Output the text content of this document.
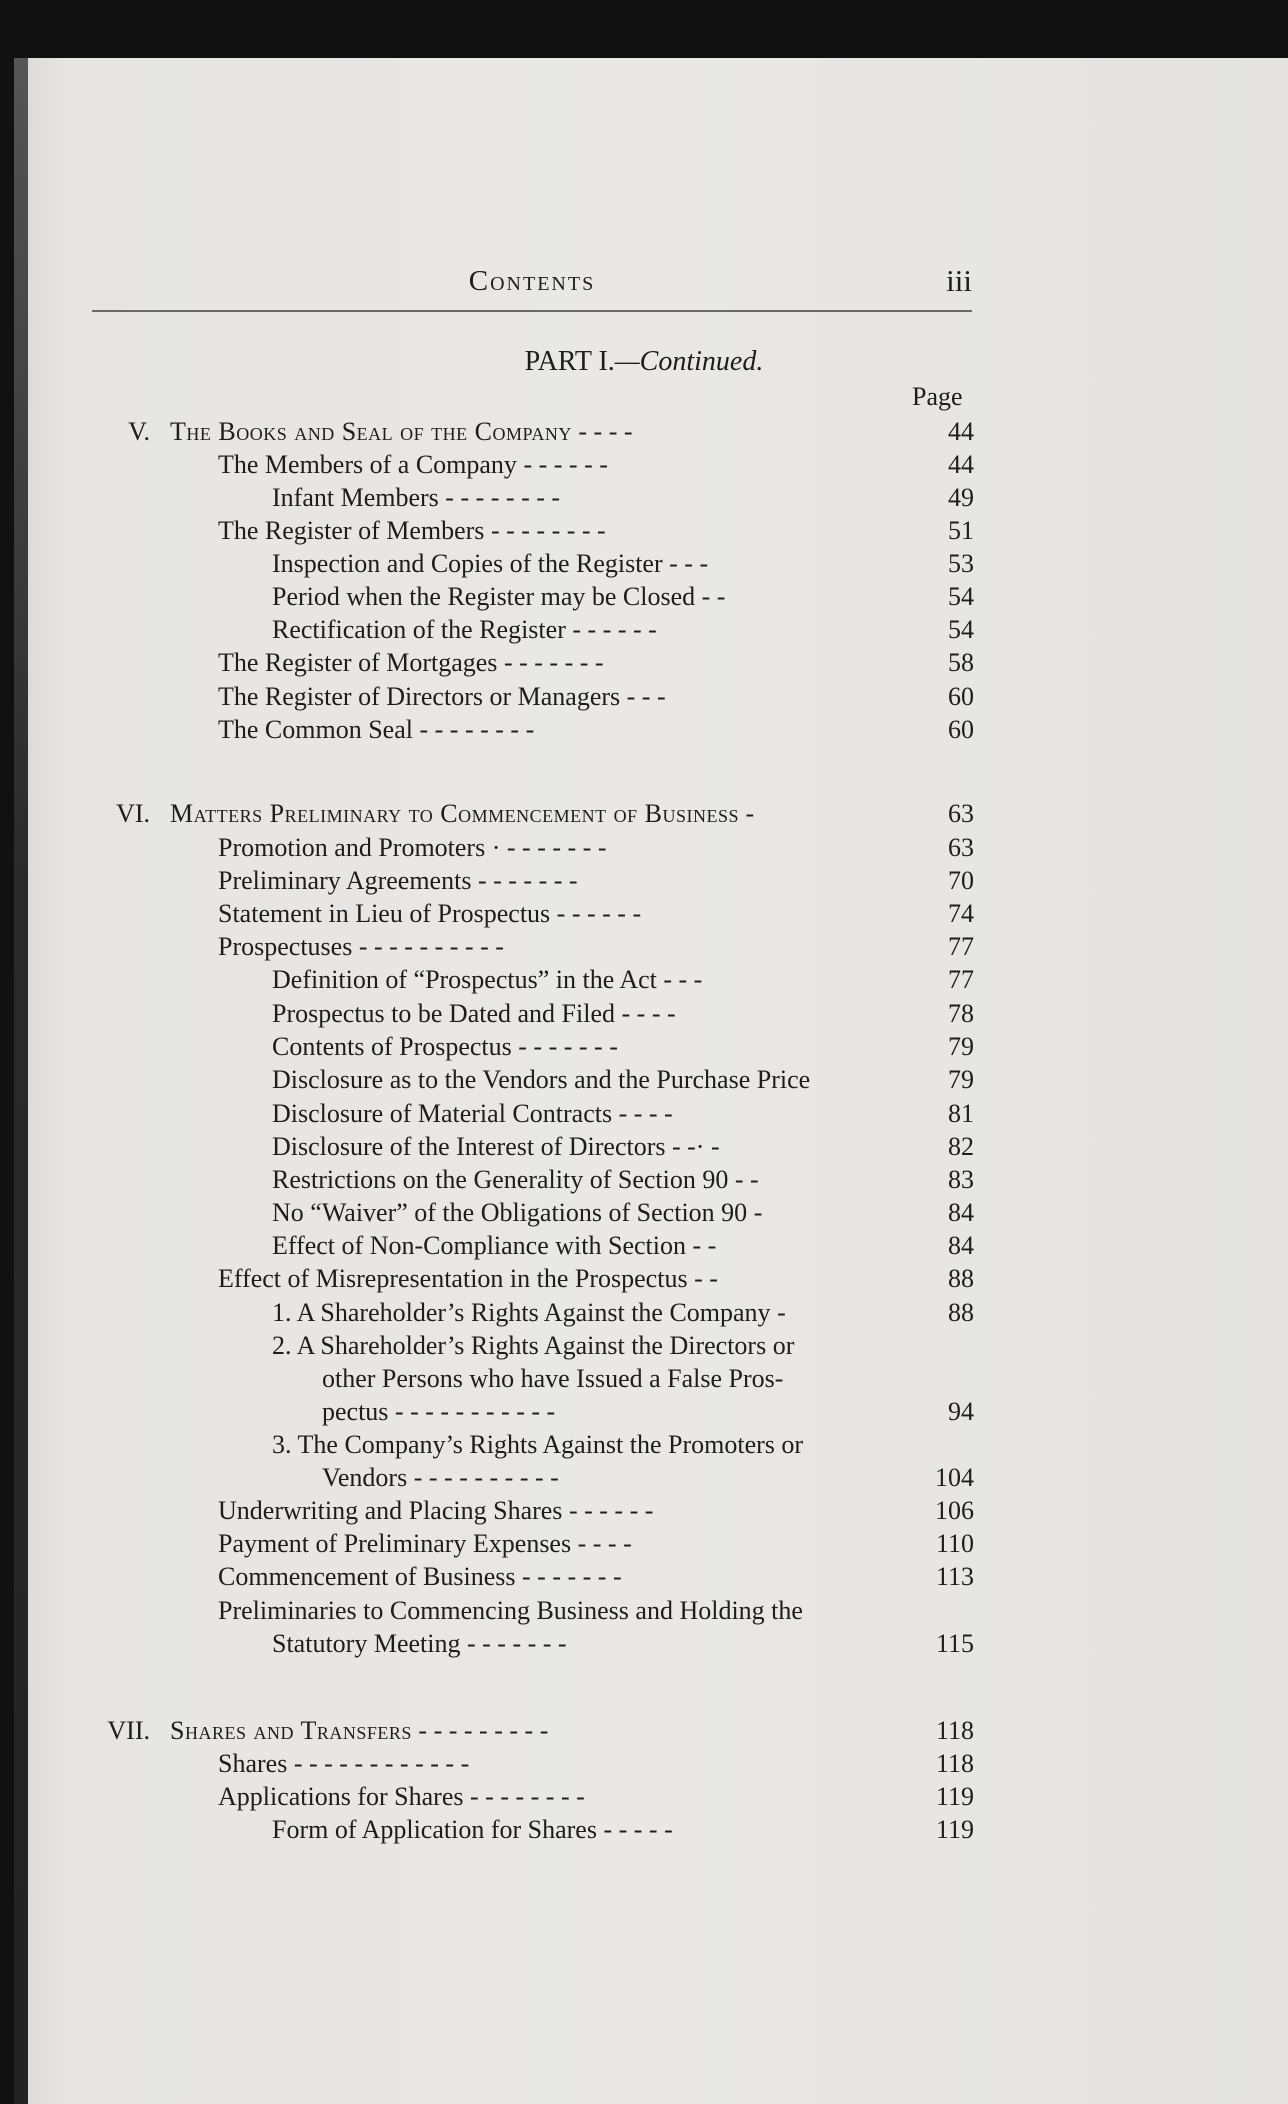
Contents	iii
PART I.—Continued.
Page
V. The Books and Seal of the Company - - - -	44
The Members of a Company - - - - - -	44
Infant Members - - - - - - - -	49
The Register of Members - - - - - - - -	51
Inspection and Copies of the Register - - -	53
Period when the Register may be Closed - -	54
Rectification of the Register - - - - - -	54
The Register of Mortgages - - - - - - -	58
The Register of Directors or Managers - - -	60
The Common Seal - - - - - - - -	60
VI. Matters Preliminary to Commencement of Business -	63
Promotion and Promoters · - - - - - - -	63
Preliminary Agreements - - - - - - -	70
Statement in Lieu of Prospectus - - - - - -	74
Prospectuses - - - - - - - - - -	77
Definition of “Prospectus” in the Act - - -	77
Prospectus to be Dated and Filed - - - -	78
Contents of Prospectus - - - - - - -	79
Disclosure as to the Vendors and the Purchase Price	79
Disclosure of Material Contracts - - - -	81
Disclosure of the Interest of Directors - -· -	82
Restrictions on the Generality of Section 90 - -	83
No “Waiver” of the Obligations of Section 90 -	84
Effect of Non-Compliance with Section - -	84
Effect of Misrepresentation in the Prospectus - -	88
1. A Shareholder’s Rights Against the Company -	88
2. A Shareholder’s Rights Against the Directors or
other Persons who have Issued a False Pros-
pectus - - - - - - - - - - -	94
3. The Company’s Rights Against the Promoters or
Vendors - - - - - - - - - -	104
Underwriting and Placing Shares - - - - - -	106
Payment of Preliminary Expenses - - - -	110
Commencement of Business - - - - - - -	113
Preliminaries to Commencing Business and Holding the
Statutory Meeting - - - - - - -	115
VII. Shares and Transfers - - - - - - - - -	118
Shares - - - - - - - - - - - -	118
Applications for Shares - - - - - - - -	119
Form of Application for Shares - - - - -	119
